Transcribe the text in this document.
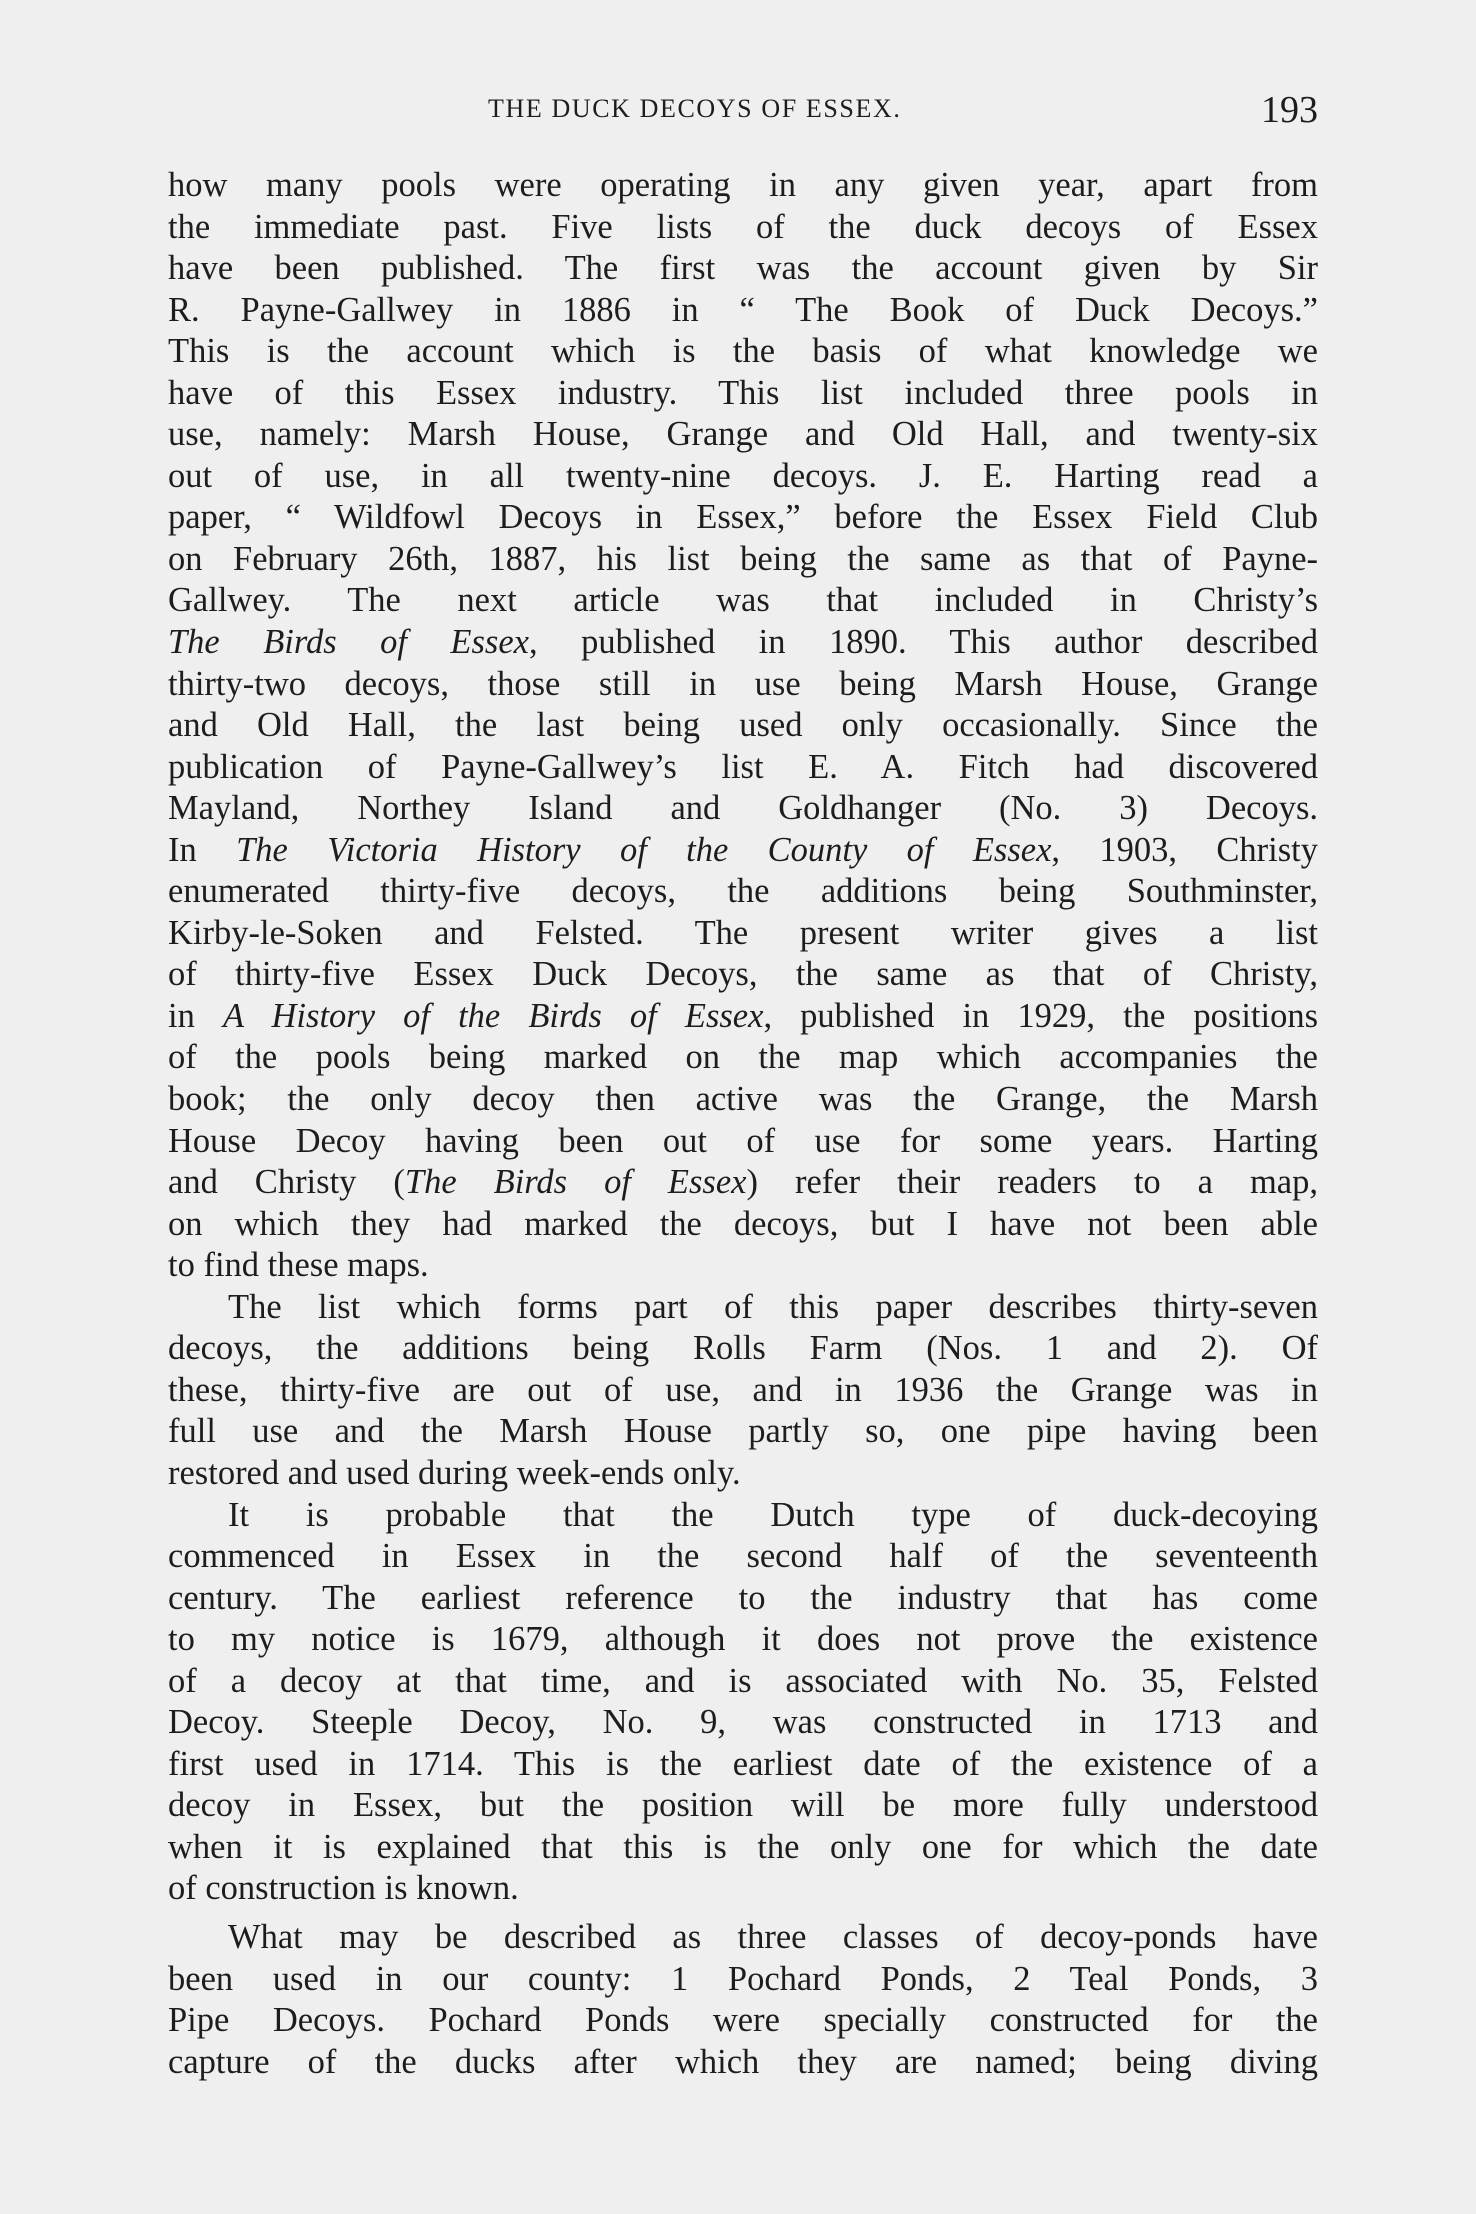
THE DUCK DECOYS OF ESSEX.	193
how many pools were operating in any given year, apart from
the immediate past. Five lists of the duck decoys of Essex
have been published. The first was the account given by Sir
R. Payne-Gallwey in 1886 in “ The Book of Duck Decoys.”
This is the account which is the basis of what knowledge we
have of this Essex industry. This list included three pools in
use, namely: Marsh House, Grange and Old Hall, and twenty-six
out of use, in all twenty-nine decoys. J. E. Harting read a
paper, “ Wildfowl Decoys in Essex,” before the Essex Field Club
on February 26th, 1887, his list being the same as that of Payne-
Gallwey. The next article was that included in Christy’s
The Birds of Essex, published in 1890. This author described
thirty-two decoys, those still in use being Marsh House, Grange
and Old Hall, the last being used only occasionally. Since the
publication of Payne-Gallwey’s list E. A. Fitch had discovered
Mayland, Northey Island and Goldhanger (No. 3) Decoys.
In The Victoria History of the County of Essex, 1903, Christy
enumerated thirty-five decoys, the additions being Southminster,
Kirby-le-Soken and Felsted. The present writer gives a list
of thirty-five Essex Duck Decoys, the same as that of Christy,
in A History of the Birds of Essex, published in 1929, the positions
of the pools being marked on the map which accompanies the
book; the only decoy then active was the Grange, the Marsh
House Decoy having been out of use for some years. Harting
and Christy (The Birds of Essex) refer their readers to a map,
on which they had marked the decoys, but I have not been able
to find these maps.
The list which forms part of this paper describes thirty-seven
decoys, the additions being Rolls Farm (Nos. 1 and 2). Of
these, thirty-five are out of use, and in 1936 the Grange was in
full use and the Marsh House partly so, one pipe having been
restored and used during week-ends only.
It is probable that the Dutch type of duck-decoying
commenced in Essex in the second half of the seventeenth
century. The earliest reference to the industry that has come
to my notice is 1679, although it does not prove the existence
of a decoy at that time, and is associated with No. 35, Felsted
Decoy. Steeple Decoy, No. 9, was constructed in 1713 and
first used in 1714. This is the earliest date of the existence of a
decoy in Essex, but the position will be more fully understood
when it is explained that this is the only one for which the date
of construction is known.
What may be described as three classes of decoy-ponds have
been used in our county: 1 Pochard Ponds, 2 Teal Ponds, 3
Pipe Decoys. Pochard Ponds were specially constructed for the
capture of the ducks after which they are named; being diving
